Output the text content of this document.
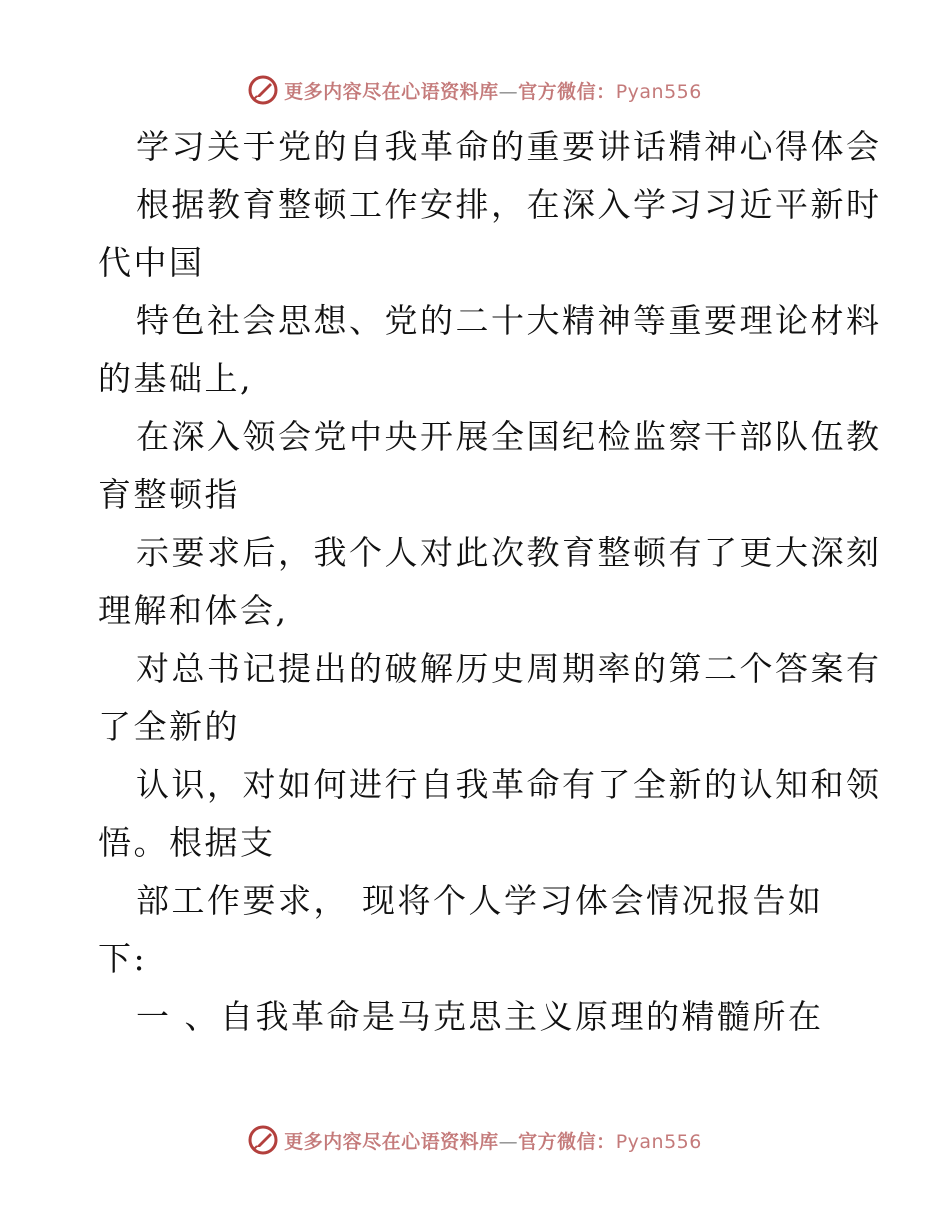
更多内容尽在心语资料库—官方微信：Pyan556

学习关于党的自我革命的重要讲话精神心得体会

根据教育整顿工作安排，在深入学习习近平新时

代中国

特色社会思想、党的二十大精神等重要理论材料

的基础上,

在深入领会党中央开展全国纪检监察干部队伍教

育整顿指

示要求后，我个人对此次教育整顿有了更大深刻

理解和体会,

对总书记提出的破解历史周期率的第二个答案有

了全新的

认识，对如何进行自我革命有了全新的认知和领

悟。根据支

部工作要求， 现将个人学习体会情况报告如

下:

一 、自我革命是马克思主义原理的精髓所在

更多内容尽在心语资料库—官方微信：Pyan556
